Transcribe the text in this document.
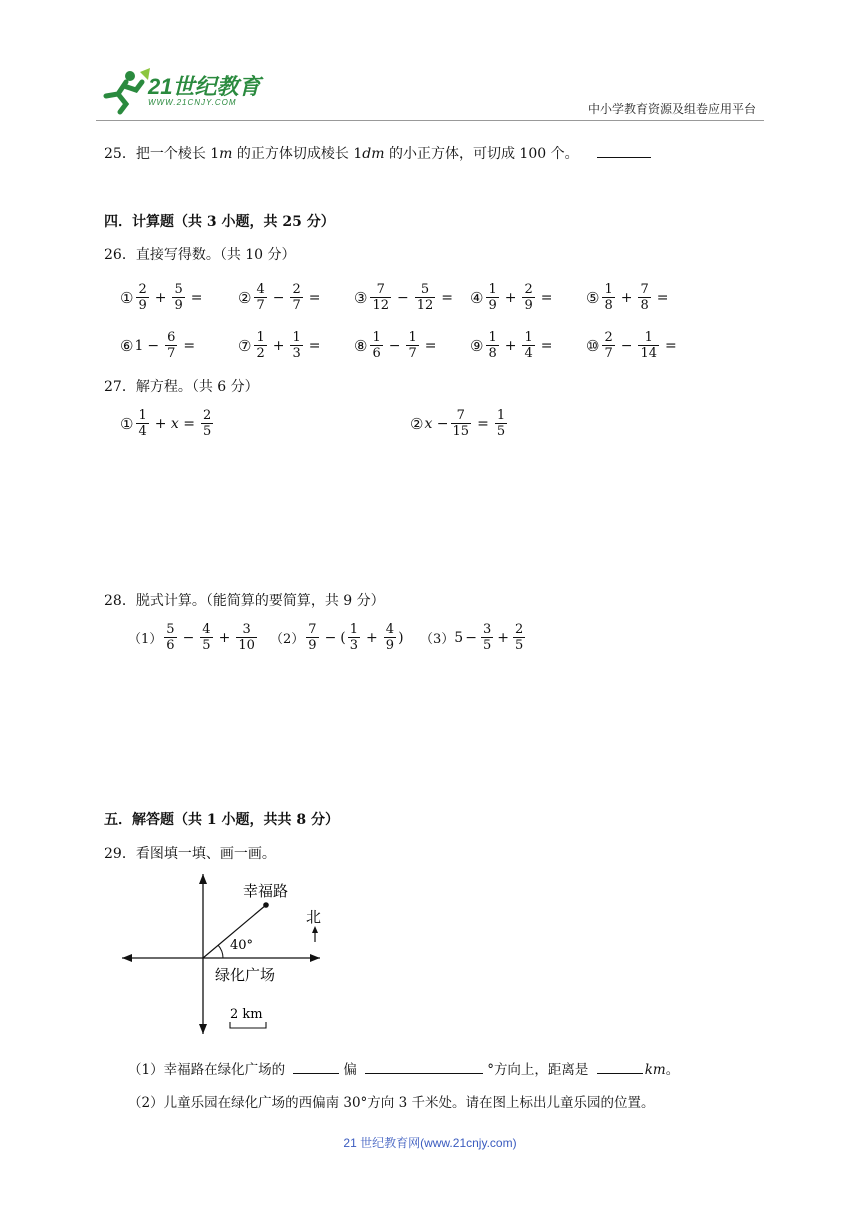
21世纪教育
WWW.21CNJY.COM	中小学教育资源及组卷应用平台
25．把一个棱长 1m 的正方体切成棱长 1dm 的小正方体，可切成 100 个。
四．计算题（共 3 小题，共 25 分）
26．直接写得数。（共 10 分）
① $\frac{2}{9} + \frac{5}{9}$ = ② $\frac{4}{7} - \frac{2}{7}$ = ③ $\frac{7}{12} - \frac{5}{12}$ = ④ $\frac{1}{9} + \frac{2}{9}$ = ⑤ $\frac{1}{8} + \frac{7}{8}$ =
⑥ $1 - \frac{6}{7}$ =	⑦ $\frac{1}{2} + \frac{1}{3}$ = ⑧ $\frac{1}{6} - \frac{1}{7}$ = ⑨ $\frac{1}{8} + \frac{1}{4}$ = ⑩ $\frac{2}{7} - \frac{1}{14}$ =
27．解方程。（共 6 分）
① $\frac{1}{4} + x = \frac{2}{5}$	② $x - \frac{7}{15} = \frac{1}{5}$
28．脱式计算。（能简算的要简算，共 9 分）
$(1) \frac{5}{6} - \frac{4}{5} + \frac{3}{10} (2) \frac{7}{9}$ − ( $\frac{1}{3} + \frac{4}{9}$ ) （3） $5 - \frac{3}{5} + \frac{2}{5}$
五．解答题（共 1 小题，共共 8 分）
29．看图填一填、画一画。
幸福路
40°
绿化广场
北
2 km
（1）幸福路在绿化广场的	偏	°方向上，距离是	km。
（2）儿童乐园在绿化广场的西偏南 30°方向 3 千米处。请在图上标出儿童乐园的位置。
21 世纪教育网(www.21cnjy.com)
